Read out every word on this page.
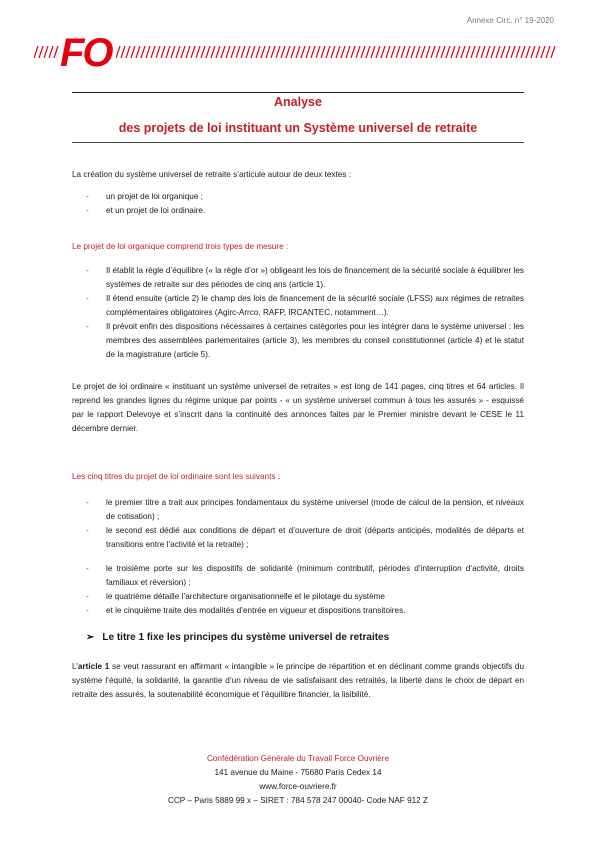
Annexe Circ. n° 19-2020
FO
Analyse
des projets de loi instituant un Système universel de retraite

La création du système universel de retraite s’articule autour de deux textes :

- un projet de loi organique ;
- et un projet de loi ordinaire.

Le projet de loi organique comprend trois types de mesure :

- Il établit la règle d’équilibre (« la règle d’or ») obligeant les lois de financement de la sécurité sociale à équilibrer les systèmes de retraite sur des périodes de cinq ans (article 1).
- Il étend ensuite (article 2) le champ des lois de financement de la sécurité sociale (LFSS) aux régimes de retraites complémentaires obligatoires (Agirc-Arrco, RAFP, IRCANTEC, notamment…).
- Il prévoit enfin des dispositions nécessaires à certaines catégories pour les intégrer dans le système universel : les membres des assemblées parlementaires (article 3), les membres du conseil constitutionnel (article 4) et le statut de la magistrature (article 5).
Le projet de loi ordinaire « instituant un système universel de retraites » est long de 141 pages, cinq titres et 64 articles. Il reprend les grandes lignes du régime unique par points - « un système universel commun à tous les assurés » - esquissé par le rapport Delevoye et s’inscrit dans la continuité des annonces faites par le Premier ministre devant le CESE le 11 décembre dernier.

Les cinq titres du projet de loi ordinaire sont les suivants :

- le premier titre a trait aux principes fondamentaux du système universel (mode de calcul de la pension, et niveaux de cotisation) ;
- le second est dédié aux conditions de départ et d’ouverture de droit (départs anticipés, modalités de départs et transitions entre l’activité et la retraite) ;
- le troisième porte sur les dispositifs de solidarité (minimum contributif, périodes d’interruption d’activité, droits familiaux et réversion) ;
- le quatrième détaille l’architecture organisationnelle et le pilotage du système
- et le cinquième traite des modalités d’entrée en vigueur et dispositions transitoires.
➢ Le titre 1 fixe les principes du système universel de retraites
L’article 1 se veut rassurant en affirmant « intangible » le principe de répartition et en déclinant comme grands objectifs du système l’équité, la solidarité, la garantie d’un niveau de vie satisfaisant des retraités, la liberté dans le choix de départ en retraite des assurés, la soutenabilité économique et l’équilibre financier, la lisibilité.
Confédération Générale du Travail Force Ouvrière
141 avenue du Maine - 75680 Paris Cedex 14
www.force-ouvriere.fr
CCP – Paris 5889 99 x – SIRET : 784 578 247 00040- Code NAF 912 Z
